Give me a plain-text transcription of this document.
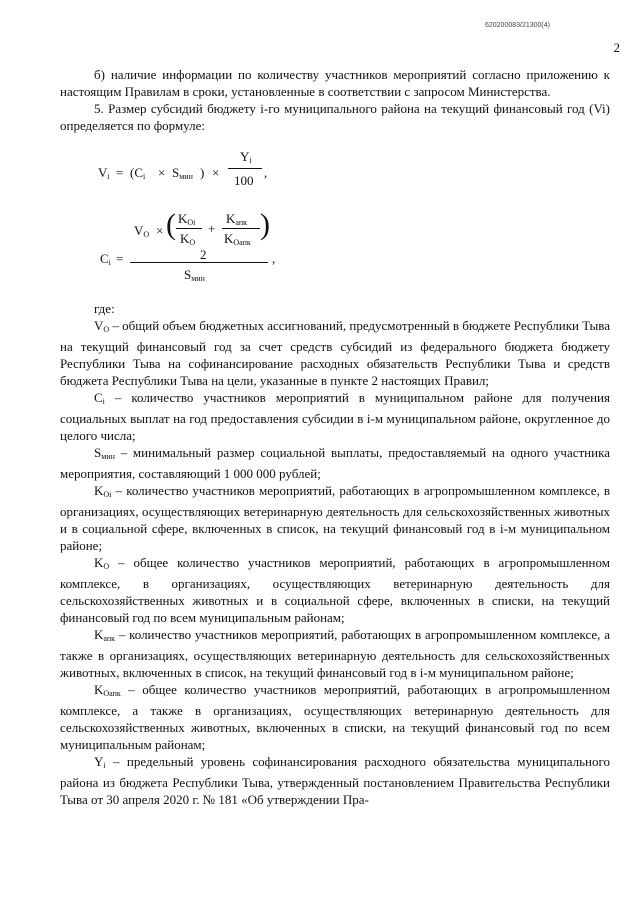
620200083/21300(4)
2

б) наличие информации по количеству участников мероприятий согласно приложению к настоящим Правилам в сроки, установленные в соответствии с запросом Министерства.

5. Размер субсидий бюджету i-го муниципального района на текущий финансовый год (Vi) определяется по формуле:

$V_i = (C_i \times S_{мин}$ ) ×
$Y_i$
100
,
$C_i$ =
$V_O$ × ( $K_{Oi}$
$K_O$
+
$K_{апк}$
$K_{Оапк}$
)
2
$S_{мин}$
,

где:

$V_O$ – общий объем бюджетных ассигнований, предусмотренный в бюджете Республики Тыва на текущий финансовый год за счет средств субсидий из федерального бюджета бюджету Республики Тыва на софинансирование расходных обязательств Республики Тыва и средств бюджета Республики Тыва на цели, указанные в пункте 2 настоящих Правил;

$C_i$ – количество участников мероприятий в муниципальном районе для получения социальных выплат на год предоставления субсидии в i-м муниципальном районе, округленное до целого числа;

$S_{мин}$ – минимальный размер социальной выплаты, предоставляемый на одного участника мероприятия, составляющий 1 000 000 рублей;

$K_{Oi}$ – количество участников мероприятий, работающих в агропромышленном комплексе, в организациях, осуществляющих ветеринарную деятельность для сельскохозяйственных животных и в социальной сфере, включенных в список, на текущий финансовый год в i-м муниципальном районе;

$K_O$ – общее количество участников мероприятий, работающих в агропромышленном комплексе, в организациях, осуществляющих ветеринарную деятельность для сельскохозяйственных животных и в социальной сфере, включенных в списки, на текущий финансовый год по всем муниципальным районам;

$K_{апк}$ – количество участников мероприятий, работающих в агропромышленном комплексе, а также в организациях, осуществляющих ветеринарную деятельность для сельскохозяйственных животных, включенных в список, на текущий финансовый год в i-м муниципальном районе;

$K_{Оапк}$ – общее количество участников мероприятий, работающих в агропромышленном комплексе, а также в организациях, осуществляющих ветеринарную деятельность для сельскохозяйственных животных, включенных в списки, на текущий финансовый год по всем муниципальным районам;

$Y_i$ – предельный уровень софинансирования расходного обязательства муниципального района из бюджета Республики Тыва, утвержденный постановлением Правительства Республики Тыва от 30 апреля 2020 г. № 181 «Об утверждении Пра-
